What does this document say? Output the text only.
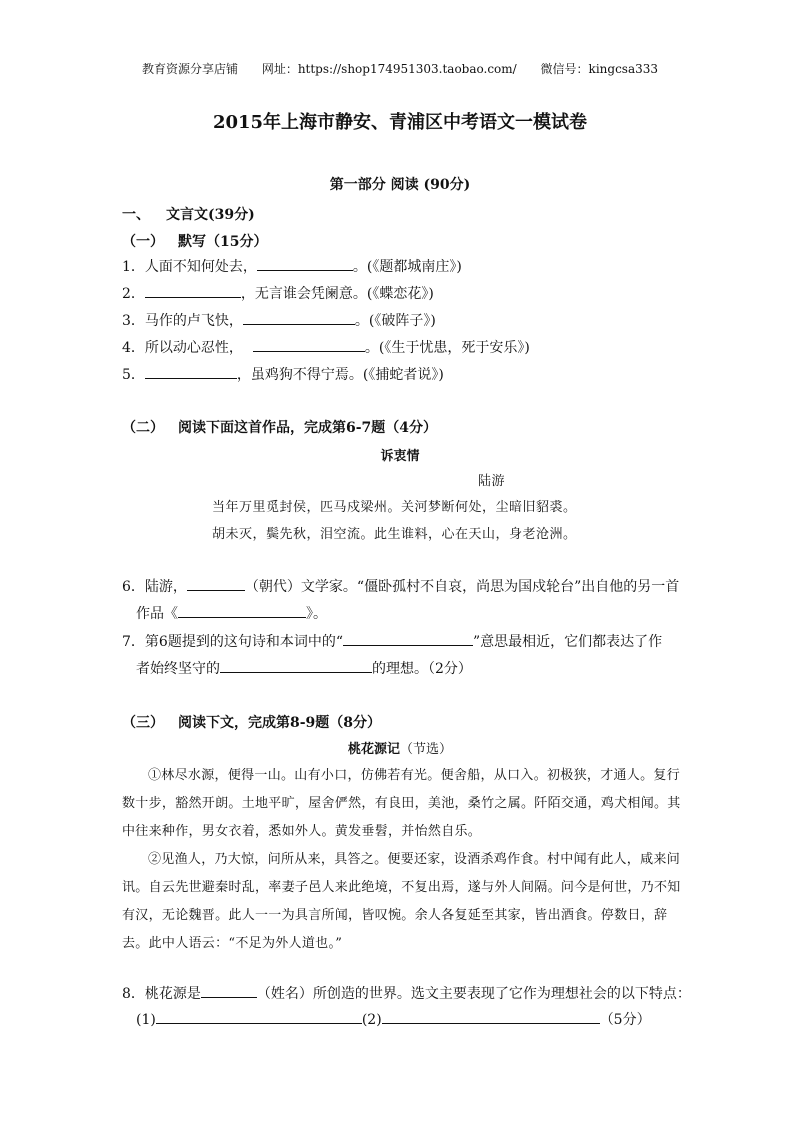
教育资源分享店铺 网址：https://shop174951303.taobao.com/ 微信号：kingcsa333
2015年上海市静安、青浦区中考语文一模试卷
第一部分 阅读 (90分)
一、 文言文(39分)
（一） 默写（15分）
1．人面不知何处去，	。(《题都城南庄》)
2．	，无言谁会凭阑意。(《蝶恋花》)
3．马作的卢飞快，	。(《破阵子》)
4．所以动心忍性，	。(《生于忧患，死于安乐》)
5．	，虽鸡狗不得宁焉。(《捕蛇者说》)
（二） 阅读下面这首作品，完成第6-7题（4分）
诉衷情
陆游
当年万里觅封侯，匹马戍梁州。关河梦断何处，尘暗旧貂裘。
胡未灭，鬓先秋，泪空流。此生谁料，心在天山，身老沧洲。
6．陆游，	（朝代）文学家。“僵卧孤村不自哀，尚思为国戍轮台”出自他的另一首
作品《	》。
7．第6题提到的这句诗和本词中的“	”意思最相近，它们都表达了作
者始终坚守的	的理想。（2分）
（三） 阅读下文，完成第8-9题（8分）
桃花源记（节选）
①林尽水源，便得一山。山有小口，仿佛若有光。便舍船，从口入。初极狭，才通人。复行数十步，豁然开朗。土地平旷，屋舍俨然，有良田，美池，桑竹之属。阡陌交通，鸡犬相闻。其中往来种作，男女衣着，悉如外人。黄发垂髫，并怡然自乐。
②见渔人，乃大惊，问所从来，具答之。便要还家，设酒杀鸡作食。村中闻有此人，咸来问讯。自云先世避秦时乱，率妻子邑人来此绝境，不复出焉，遂与外人间隔。问今是何世，乃不知有汉，无论魏晋。此人一一为具言所闻，皆叹惋。余人各复延至其家，皆出酒食。停数日，辞去。此中人语云：“不足为外人道也。”
8．桃花源是	（姓名）所创造的世界。选文主要表现了它作为理想社会的以下特点：
(1)	(2)	（5分）
